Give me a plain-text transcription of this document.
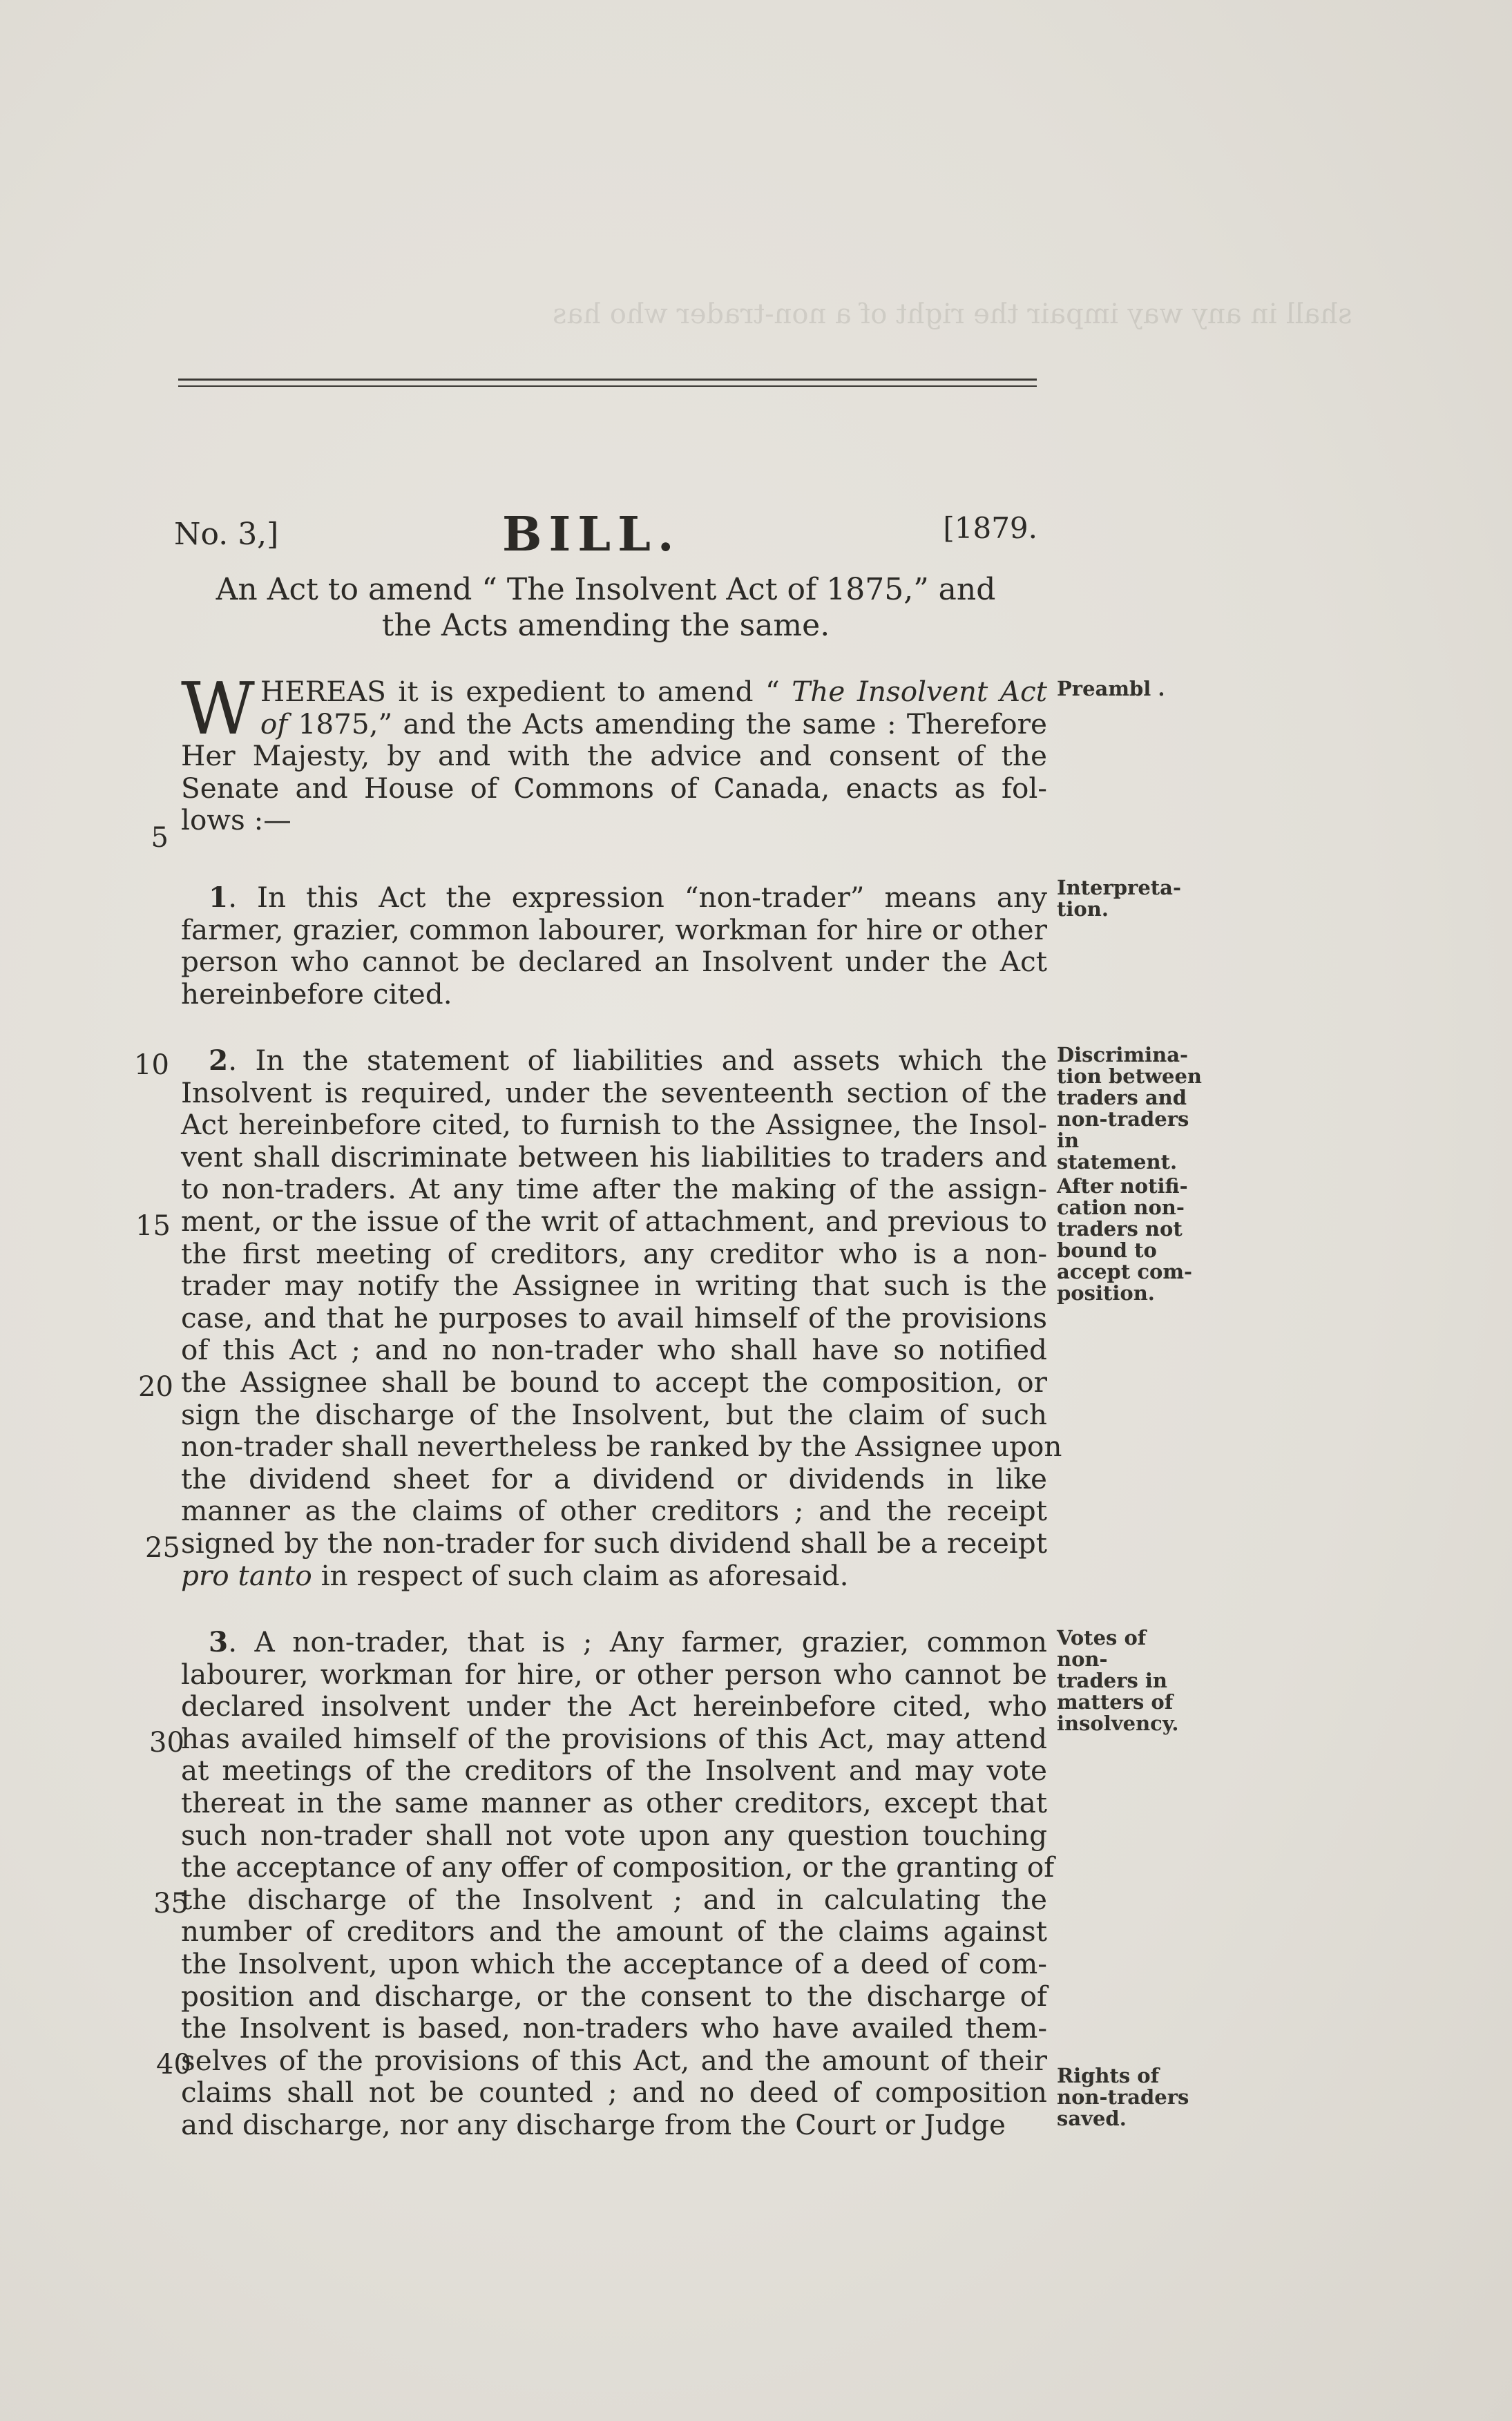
shall in any way impair the right of a non-trader who has
No. 3,]	BILL.	[1879.
An Act to amend “ The Insolvent Act of 1875,” and
the Acts amending the same.
W HEREAS it is expedient to amend “ The Insolvent Act
of 1875,” and the Acts amending the same : Therefore
Her Majesty, by and with the advice and consent of the
Senate and House of Commons of Canada, enacts as fol-
lows :—
1. In this Act the expression “non-trader” means any
farmer, grazier, common labourer, workman for hire or other
person who cannot be declared an Insolvent under the Act
hereinbefore cited.
2. In the statement of liabilities and assets which the
Insolvent is required, under the seventeenth section of the
Act hereinbefore cited, to furnish to the Assignee, the Insol-
vent shall discriminate between his liabilities to traders and
to non-traders. At any time after the making of the assign-
ment, or the issue of the writ of attachment, and previous to
the first meeting of creditors, any creditor who is a non-
trader may notify the Assignee in writing that such is the
case, and that he purposes to avail himself of the provisions
of this Act ; and no non-trader who shall have so notified
the Assignee shall be bound to accept the composition, or
sign the discharge of the Insolvent, but the claim of such
non-trader shall nevertheless be ranked by the Assignee upon
the dividend sheet for a dividend or dividends in like
manner as the claims of other creditors ; and the receipt
signed by the non-trader for such dividend shall be a receipt
pro tanto in respect of such claim as aforesaid.
3. A non-trader, that is ; Any farmer, grazier, common
labourer, workman for hire, or other person who cannot be
declared insolvent under the Act hereinbefore cited, who
has availed himself of the provisions of this Act, may attend
at meetings of the creditors of the Insolvent and may vote
thereat in the same manner as other creditors, except that
such non-trader shall not vote upon any question touching
the acceptance of any offer of composition, or the granting of
the discharge of the Insolvent ; and in calculating the
number of creditors and the amount of the claims against
the Insolvent, upon which the acceptance of a deed of com-
position and discharge, or the consent to the discharge of
the Insolvent is based, non-traders who have availed them-
selves of the provisions of this Act, and the amount of their
claims shall not be counted ; and no deed of composition
and discharge, nor any discharge from the Court or Judge
Preambl .
Interpreta-
tion.
Discrimina-
tion between
traders and
non-traders
in statement.
After notifi-
cation non-
traders not
bound to
accept com-
position.
Votes of non-
traders in
matters of
insolvency.
Rights of
non-traders
saved.
5
10
15
20
25
30
35
40
